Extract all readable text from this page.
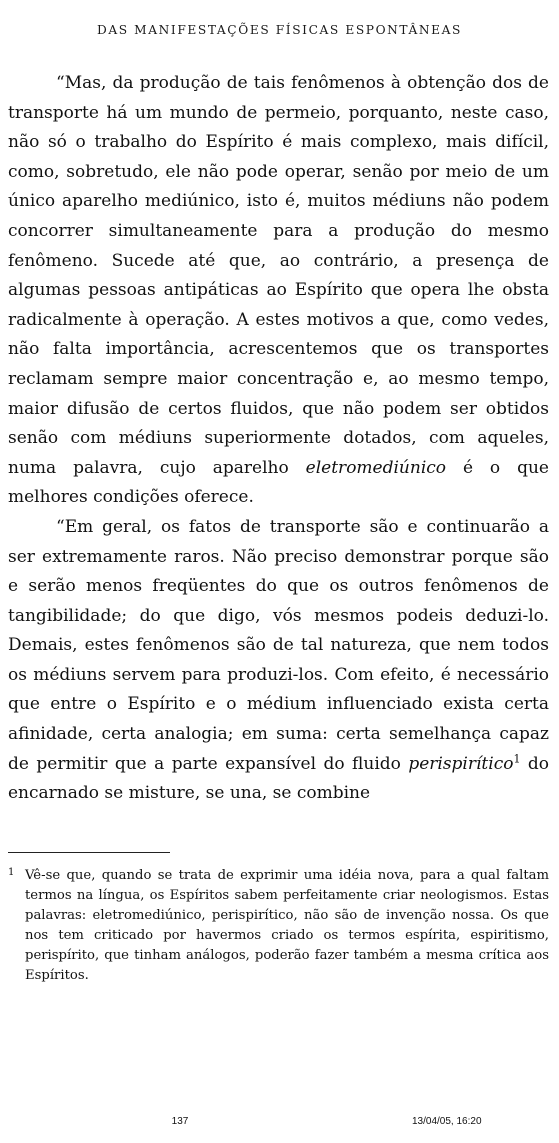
DAS MANIFESTAÇÕES FÍSICAS ESPONTÂNEAS

“Mas, da produção de tais fenômenos à obtenção dos de transporte há um mundo de permeio, porquanto, neste caso, não só o trabalho do Espírito é mais complexo, mais difícil, como, sobretudo, ele não pode operar, senão por meio de um único aparelho mediúnico, isto é, muitos médiuns não podem concorrer simultaneamente para a produção do mesmo fenômeno. Sucede até que, ao contrário, a presença de algumas pessoas antipáticas ao Espírito que opera lhe obsta radicalmente à operação. A estes motivos a que, como vedes, não falta importância, acrescentemos que os transportes reclamam sempre maior concentração e, ao mesmo tempo, maior difusão de certos fluidos, que não podem ser obtidos senão com médiuns superiormente dotados, com aqueles, numa palavra, cujo aparelho eletromediúnico é o que melhores condições oferece.

“Em geral, os fatos de transporte são e continuarão a ser extremamente raros. Não preciso demonstrar porque são e serão menos freqüentes do que os outros fenômenos de tangibilidade; do que digo, vós mesmos podeis deduzi-lo. Demais, estes fenômenos são de tal natureza, que nem todos os médiuns servem para produzi-los. Com efeito, é necessário que entre o Espírito e o médium influenciado exista certa afinidade, certa analogia; em suma: certa semelhança capaz de permitir que a parte expansível do fluido perispirítico$^1$ do encarnado se misture, se una, se combine

1 Vê-se que, quando se trata de exprimir uma idéia nova, para a qual faltam termos na língua, os Espíritos sabem perfeitamente criar neologismos. Estas palavras: eletromediúnico, perispirítico, não são de invenção nossa. Os que nos tem criticado por havermos criado os termos espírita, espiritismo, perispírito, que tinham análogos, poderão fazer também a mesma crítica aos Espíritos.
137	13/04/05, 16:20
